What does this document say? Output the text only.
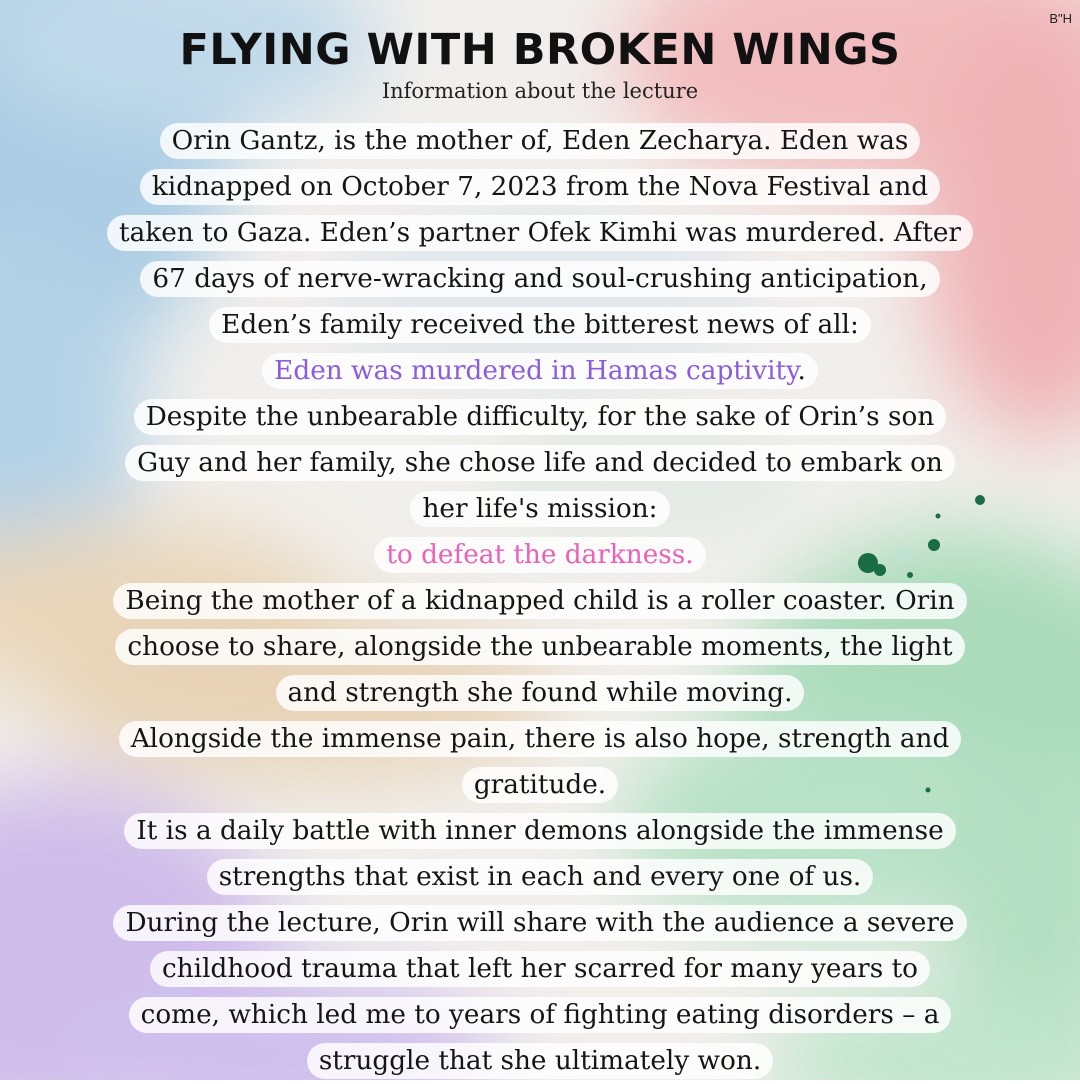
B"H
FLYING WITH BROKEN WINGS
Information about the lecture
Orin Gantz, is the mother of, Eden Zecharya. Eden was
kidnapped on October 7, 2023 from the Nova Festival and
taken to Gaza. Eden’s partner Ofek Kimhi was murdered. After
67 days of nerve-wracking and soul-crushing anticipation,
Eden’s family received the bitterest news of all:
Eden was murdered in Hamas captivity.
Despite the unbearable difficulty, for the sake of Orin’s son
Guy and her family, she chose life and decided to embark on
her life's mission:
to defeat the darkness.
Being the mother of a kidnapped child is a roller coaster. Orin
choose to share, alongside the unbearable moments, the light
and strength she found while moving.
Alongside the immense pain, there is also hope, strength and
gratitude.
It is a daily battle with inner demons alongside the immense
strengths that exist in each and every one of us.
During the lecture, Orin will share with the audience a severe
childhood trauma that left her scarred for many years to
come, which led me to years of fighting eating disorders – a
struggle that she ultimately won.
